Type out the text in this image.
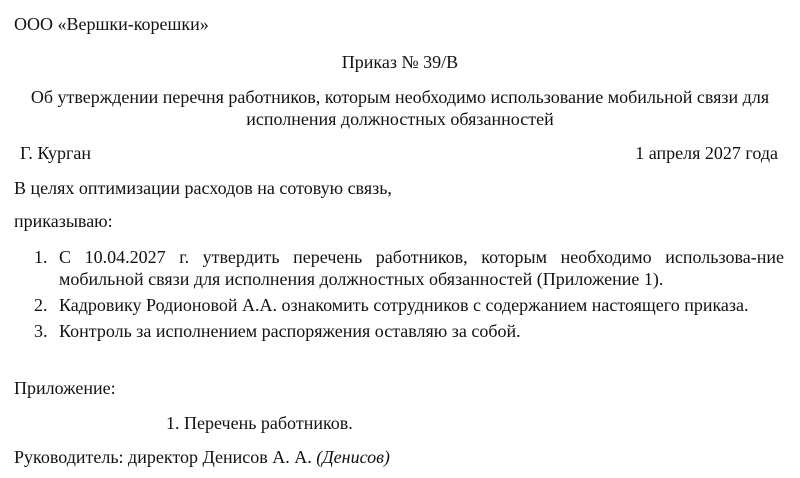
ООО «Вершки-корешки»
Приказ № 39/В
Об утверждении перечня работников, которым необходимо использование мобильной связи для исполнения должностных обязанностей
Г. Курган	1 апреля 2027 года
В целях оптимизации расходов на сотовую связь,
приказываю:
1. С 10.04.2027 г. утвердить перечень работников, которым необходимо использова-ние мобильной связи для исполнения должностных обязанностей (Приложение 1).
2. Кадровику Родионовой А.А. ознакомить сотрудников с содержанием настоящего приказа.
3. Контроль за исполнением распоряжения оставляю за собой.
Приложение:
1. Перечень работников.
Руководитель: директор Денисов А. А. (Денисов)
